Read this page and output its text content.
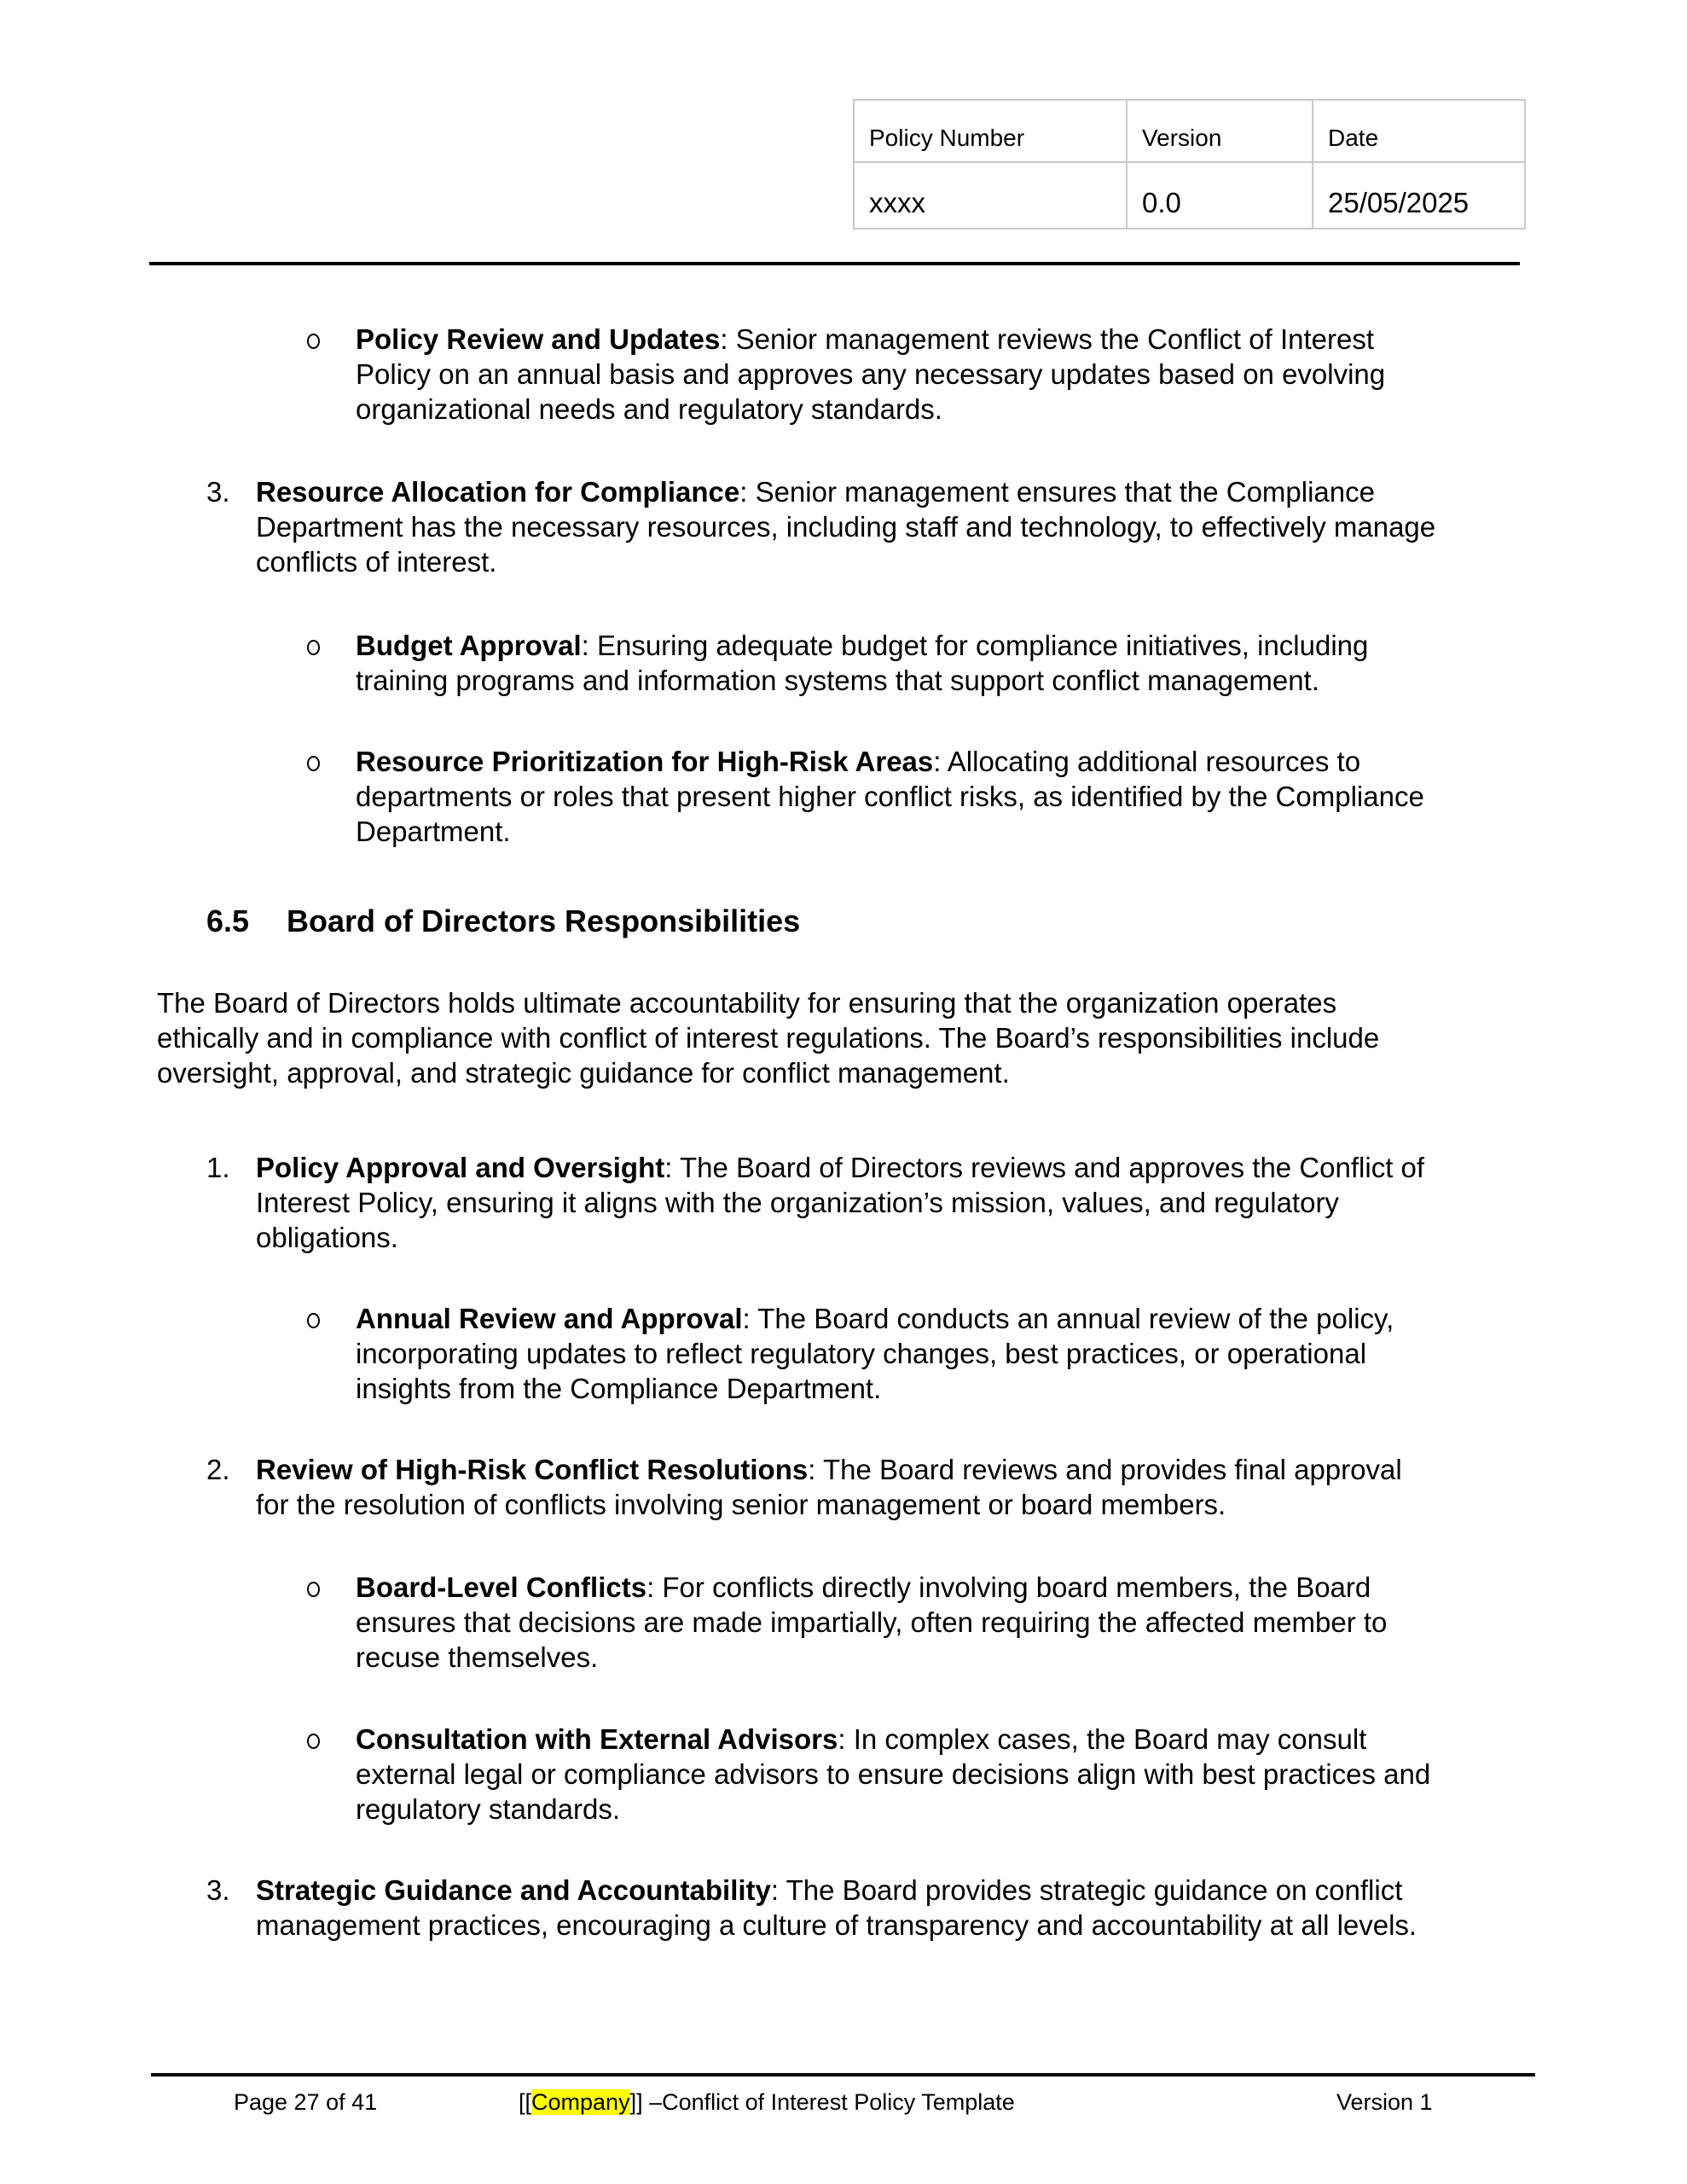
Policy Number	Version	Date
xxxx	0.0	25/05/2025
Policy Review and Updates: Senior management reviews the Conflict of Interest
Policy on an annual basis and approves any necessary updates based on evolving
organizational needs and regulatory standards.
3. Resource Allocation for Compliance: Senior management ensures that the Compliance
Department has the necessary resources, including staff and technology, to effectively manage
conflicts of interest.
Budget Approval: Ensuring adequate budget for compliance initiatives, including
training programs and information systems that support conflict management.
Resource Prioritization for High-Risk Areas: Allocating additional resources to
departments or roles that present higher conflict risks, as identified by the Compliance
Department.
6.5 Board of Directors Responsibilities
The Board of Directors holds ultimate accountability for ensuring that the organization operates
ethically and in compliance with conflict of interest regulations. The Board’s responsibilities include
oversight, approval, and strategic guidance for conflict management.
1. Policy Approval and Oversight: The Board of Directors reviews and approves the Conflict of
Interest Policy, ensuring it aligns with the organization’s mission, values, and regulatory
obligations.
Annual Review and Approval: The Board conducts an annual review of the policy,
incorporating updates to reflect regulatory changes, best practices, or operational
insights from the Compliance Department.
2. Review of High-Risk Conflict Resolutions: The Board reviews and provides final approval
for the resolution of conflicts involving senior management or board members.
Board-Level Conflicts: For conflicts directly involving board members, the Board
ensures that decisions are made impartially, often requiring the affected member to
recuse themselves.
Consultation with External Advisors: In complex cases, the Board may consult
external legal or compliance advisors to ensure decisions align with best practices and
regulatory standards.
3. Strategic Guidance and Accountability: The Board provides strategic guidance on conflict
management practices, encouraging a culture of transparency and accountability at all levels.
Page 27 of 41	[[Company]] –Conflict of Interest Policy Template	Version 1
